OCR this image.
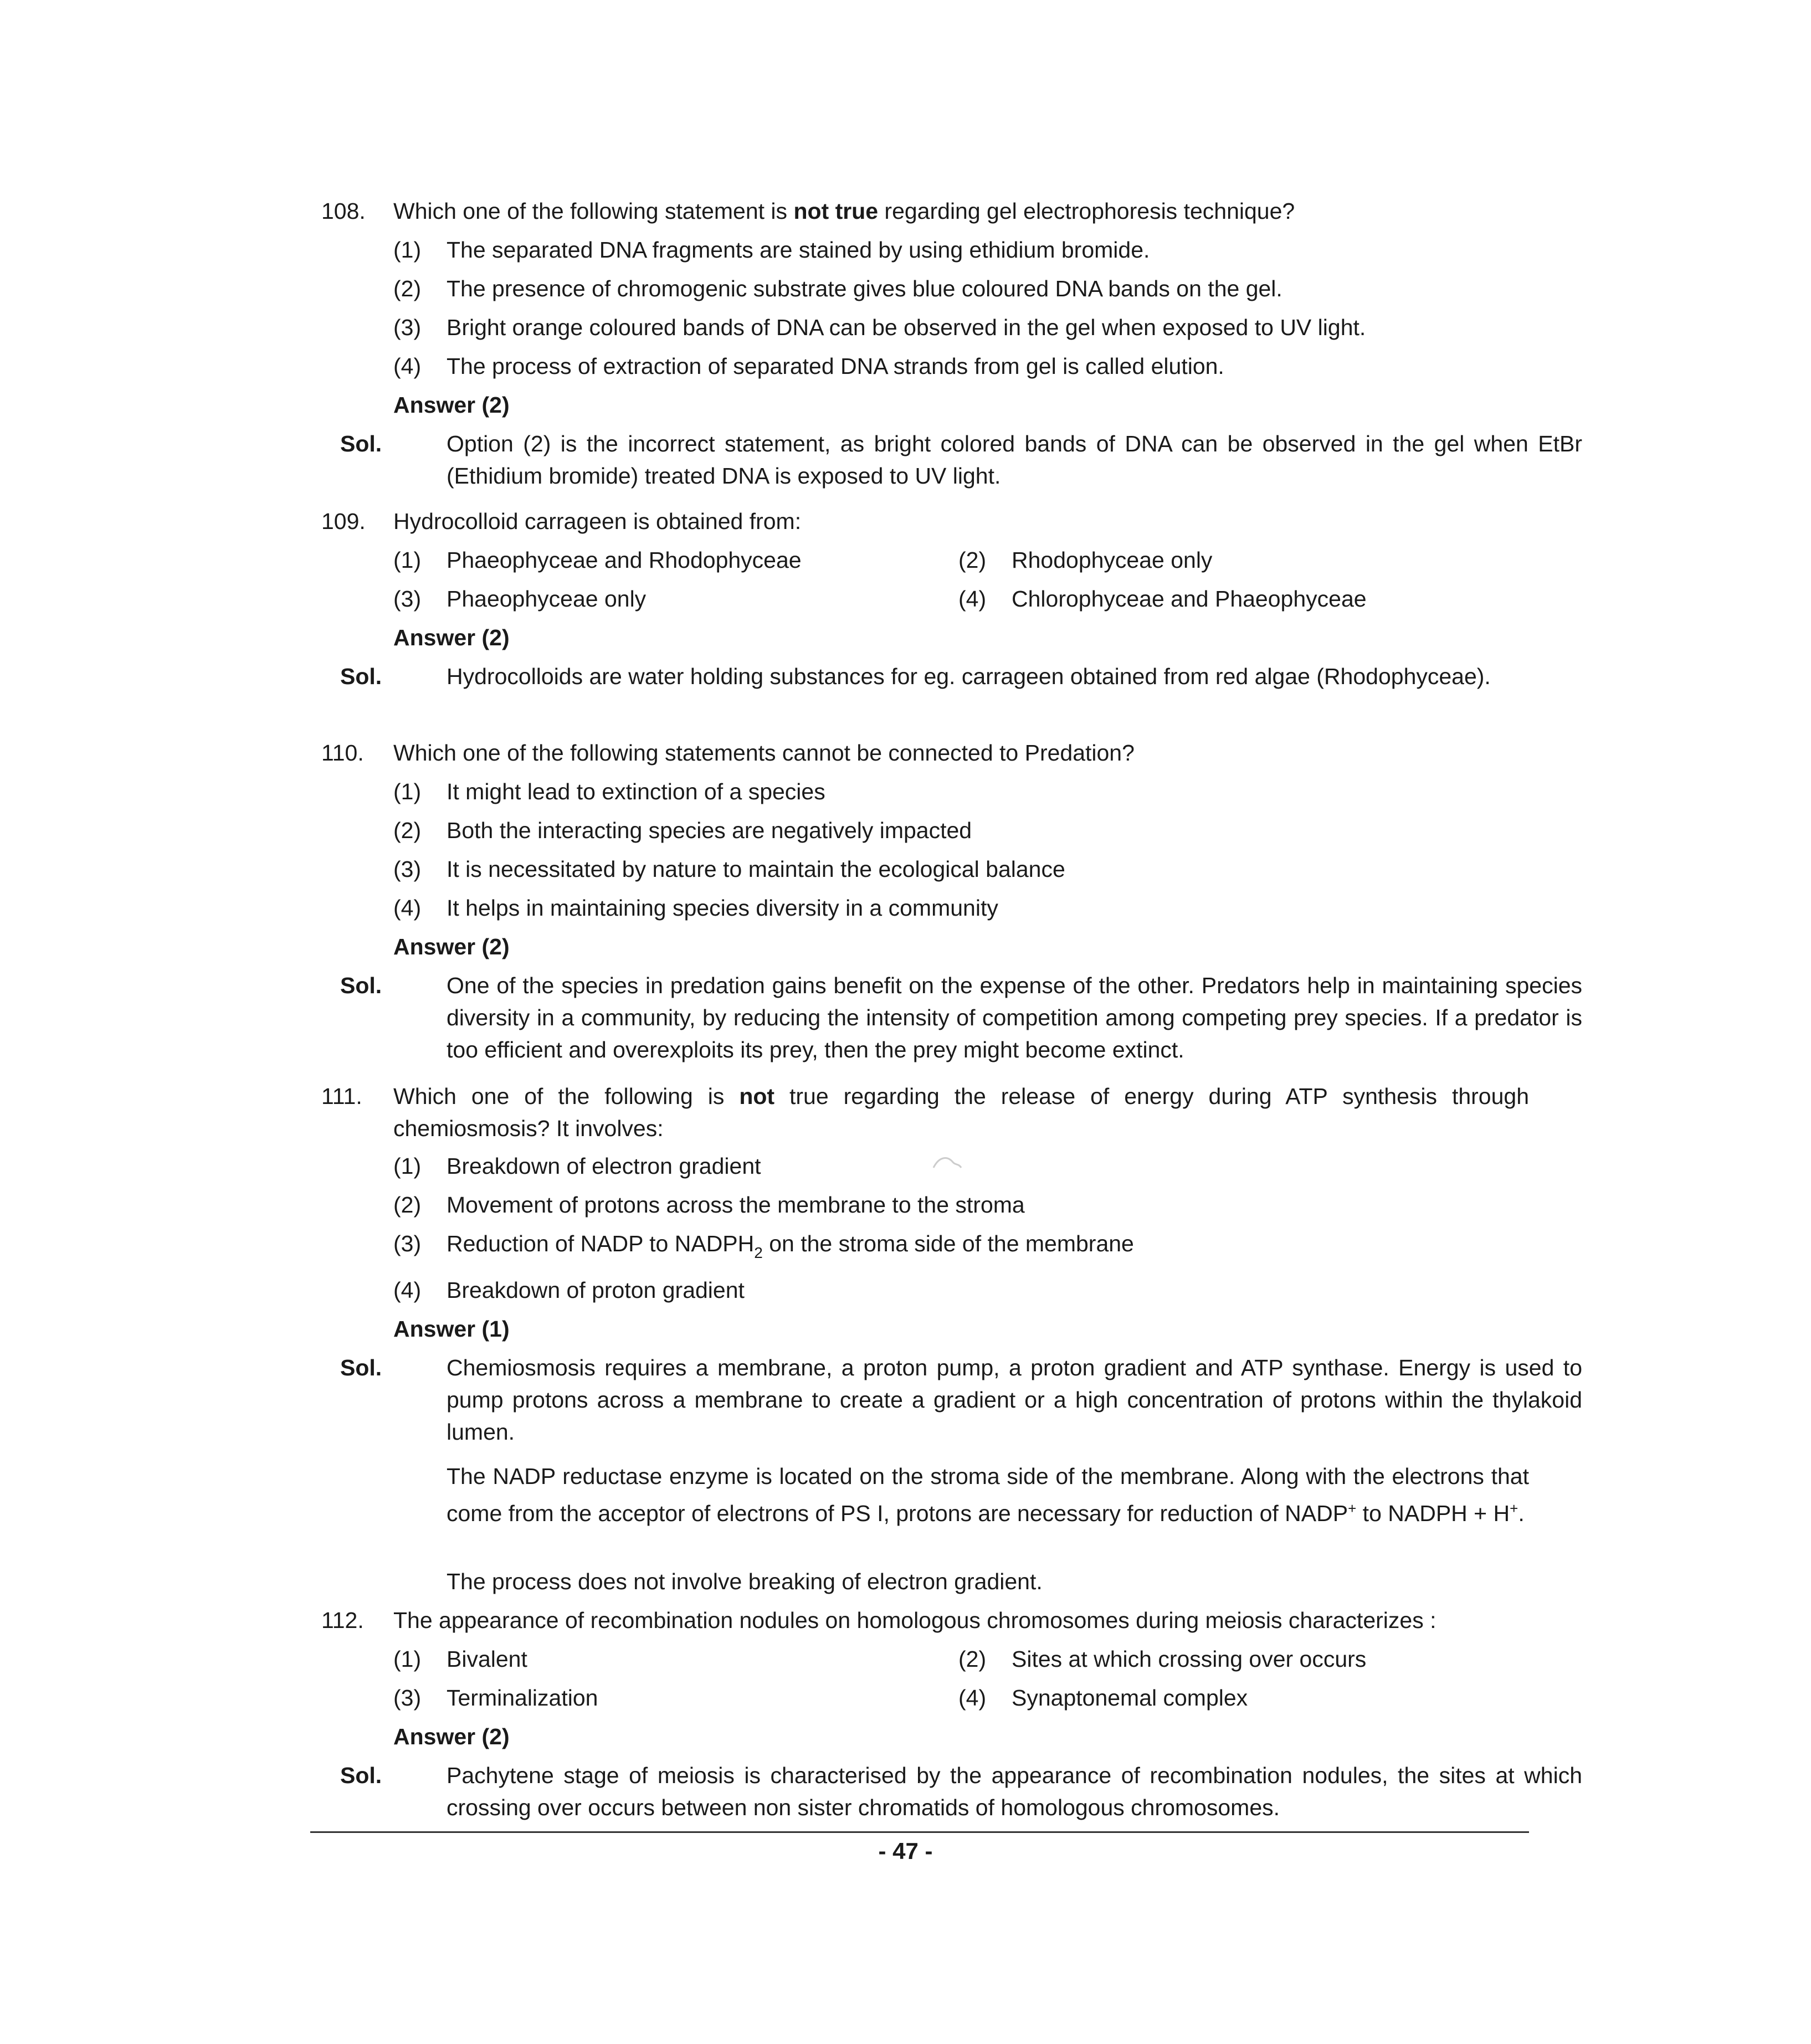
108.	Which one of the following statement is not true regarding gel electrophoresis technique?
(1) The separated DNA fragments are stained by using ethidium bromide.
(2) The presence of chromogenic substrate gives blue coloured DNA bands on the gel.
(3) Bright orange coloured bands of DNA can be observed in the gel when exposed to UV light.
(4) The process of extraction of separated DNA strands from gel is called elution.
Answer (2)
Sol.	Option (2) is the incorrect statement, as bright colored bands of DNA can be observed in the gel when EtBr (Ethidium bromide) treated DNA is exposed to UV light.
109.	Hydrocolloid carrageen is obtained from:
(1) Phaeophyceae and Rhodophyceae	(2) Rhodophyceae only
(3) Phaeophyceae only	(4) Chlorophyceae and Phaeophyceae
Answer (2)
Sol.	Hydrocolloids are water holding substances for eg. carrageen obtained from red algae (Rhodophyceae).
110.	Which one of the following statements cannot be connected to Predation?
(1) It might lead to extinction of a species
(2) Both the interacting species are negatively impacted
(3) It is necessitated by nature to maintain the ecological balance
(4) It helps in maintaining species diversity in a community
Answer (2)
Sol.	One of the species in predation gains benefit on the expense of the other. Predators help in maintaining species diversity in a community, by reducing the intensity of competition among competing prey species. If a predator is too efficient and overexploits its prey, then the prey might become extinct.
111.	Which one of the following is not true regarding the release of energy during ATP synthesis through chemiosmosis? It involves:
(1) Breakdown of electron gradient
(2) Movement of protons across the membrane to the stroma
(3) Reduction of NADP to $NADPH_2$ on the stroma side of the membrane
(4) Breakdown of proton gradient
Answer (1)
Sol.	Chemiosmosis requires a membrane, a proton pump, a proton gradient and ATP synthase. Energy is used to pump protons across a membrane to create a gradient or a high concentration of protons within the thylakoid lumen.
The NADP reductase enzyme is located on the stroma side of the membrane. Along with the electrons that come from the acceptor of electrons of PS I, protons are necessary for reduction of NADP+ to NADPH + H+.
The process does not involve breaking of electron gradient.
112.	The appearance of recombination nodules on homologous chromosomes during meiosis characterizes :
(1) Bivalent	(2) Sites at which crossing over occurs
(3) Terminalization	(4) Synaptonemal complex
Answer (2)
Sol.	Pachytene stage of meiosis is characterised by the appearance of recombination nodules, the sites at which crossing over occurs between non sister chromatids of homologous chromosomes.
- 47 -
